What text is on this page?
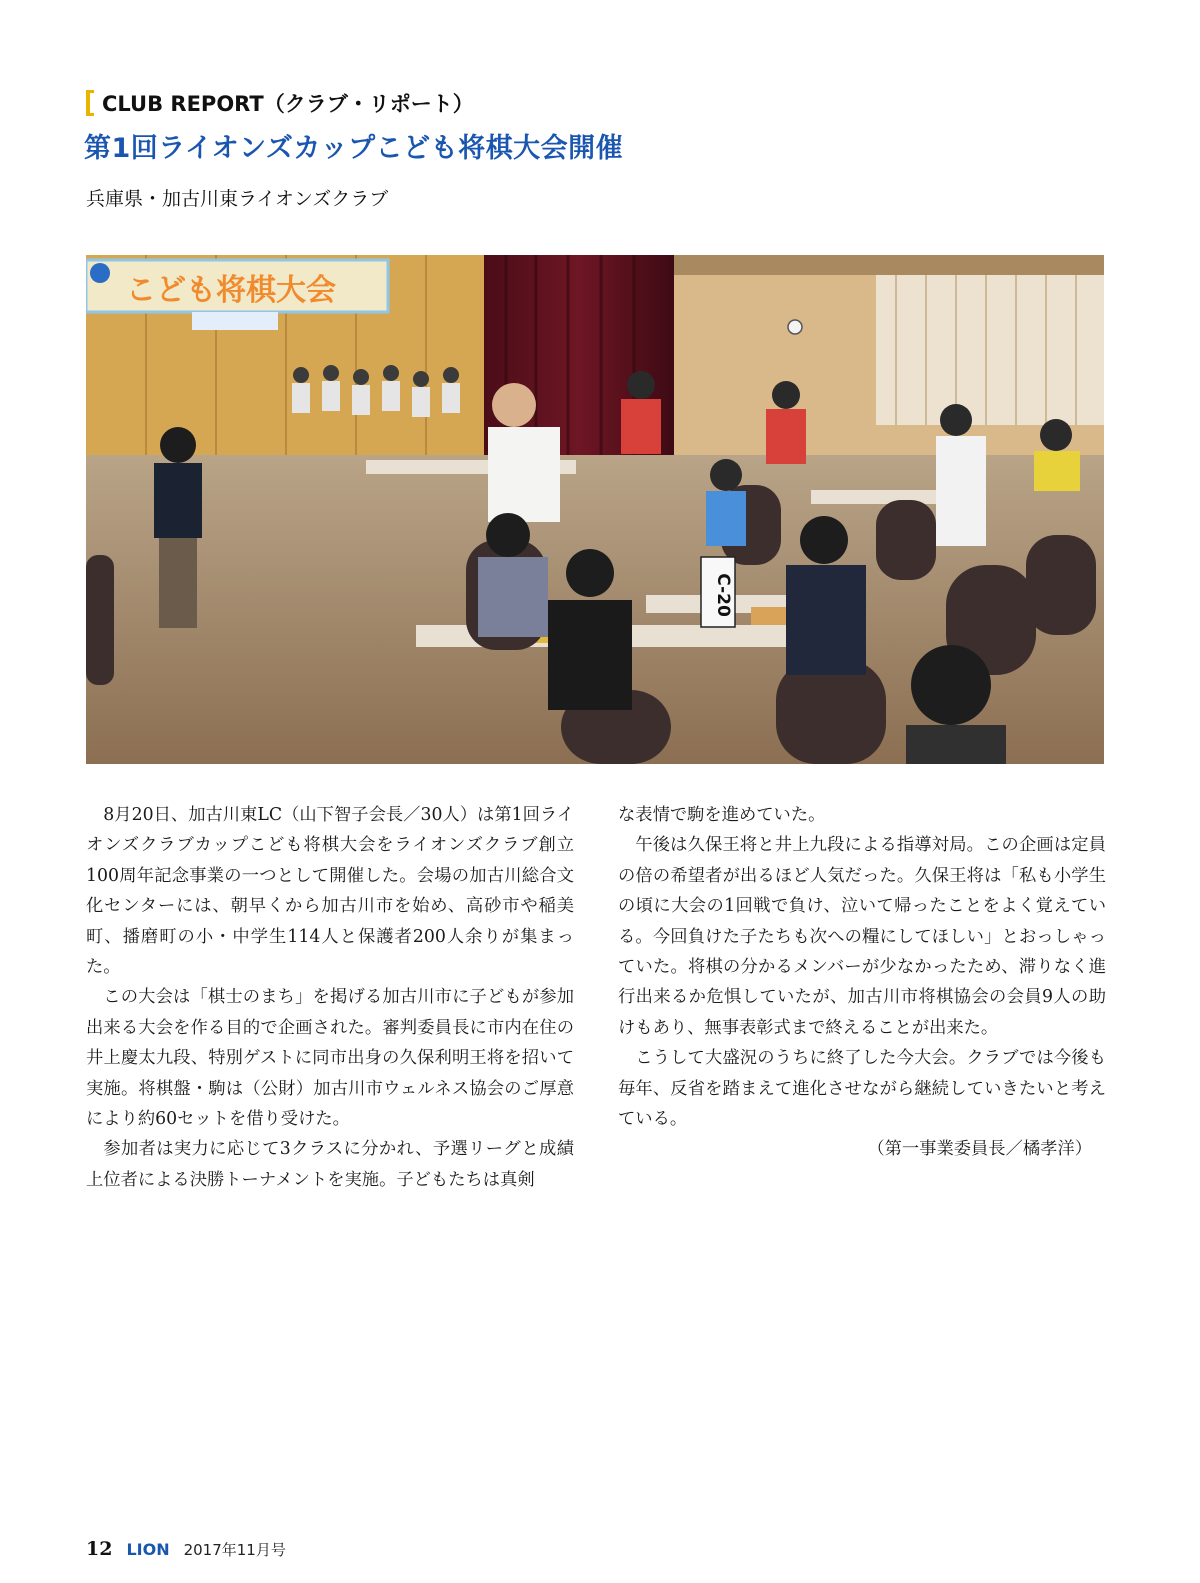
CLUB REPORT（クラブ・リポート）
第1回ライオンズカップこども将棋大会開催
兵庫県・加古川東ライオンズクラブ
こども将棋大会
C-20

8月20日、加古川東LC（山下智子会長／30人）は第1回ライオンズクラブカップこども将棋大会をライオンズクラブ創立100周年記念事業の一つとして開催した。会場の加古川総合文化センターには、朝早くから加古川市を始め、高砂市や稲美町、播磨町の小・中学生114人と保護者200人余りが集まった。

この大会は「棋士のまち」を掲げる加古川市に子どもが参加出来る大会を作る目的で企画された。審判委員長に市内在住の井上慶太九段、特別ゲストに同市出身の久保利明王将を招いて実施。将棋盤・駒は（公財）加古川市ウェルネス協会のご厚意により約60セットを借り受けた。

参加者は実力に応じて3クラスに分かれ、予選リーグと成績上位者による決勝トーナメントを実施。子どもたちは真剣

な表情で駒を進めていた。

午後は久保王将と井上九段による指導対局。この企画は定員の倍の希望者が出るほど人気だった。久保王将は「私も小学生の頃に大会の1回戦で負け、泣いて帰ったことをよく覚えている。今回負けた子たちも次への糧にしてほしい」とおっしゃっていた。将棋の分かるメンバーが少なかったため、滞りなく進行出来るか危惧していたが、加古川市将棋協会の会員9人の助けもあり、無事表彰式まで終えることが出来た。

こうして大盛況のうちに終了した今大会。クラブでは今後も毎年、反省を踏まえて進化させながら継続していきたいと考えている。

（第一事業委員長／橘孝洋）

12 LION 2017年11月号
